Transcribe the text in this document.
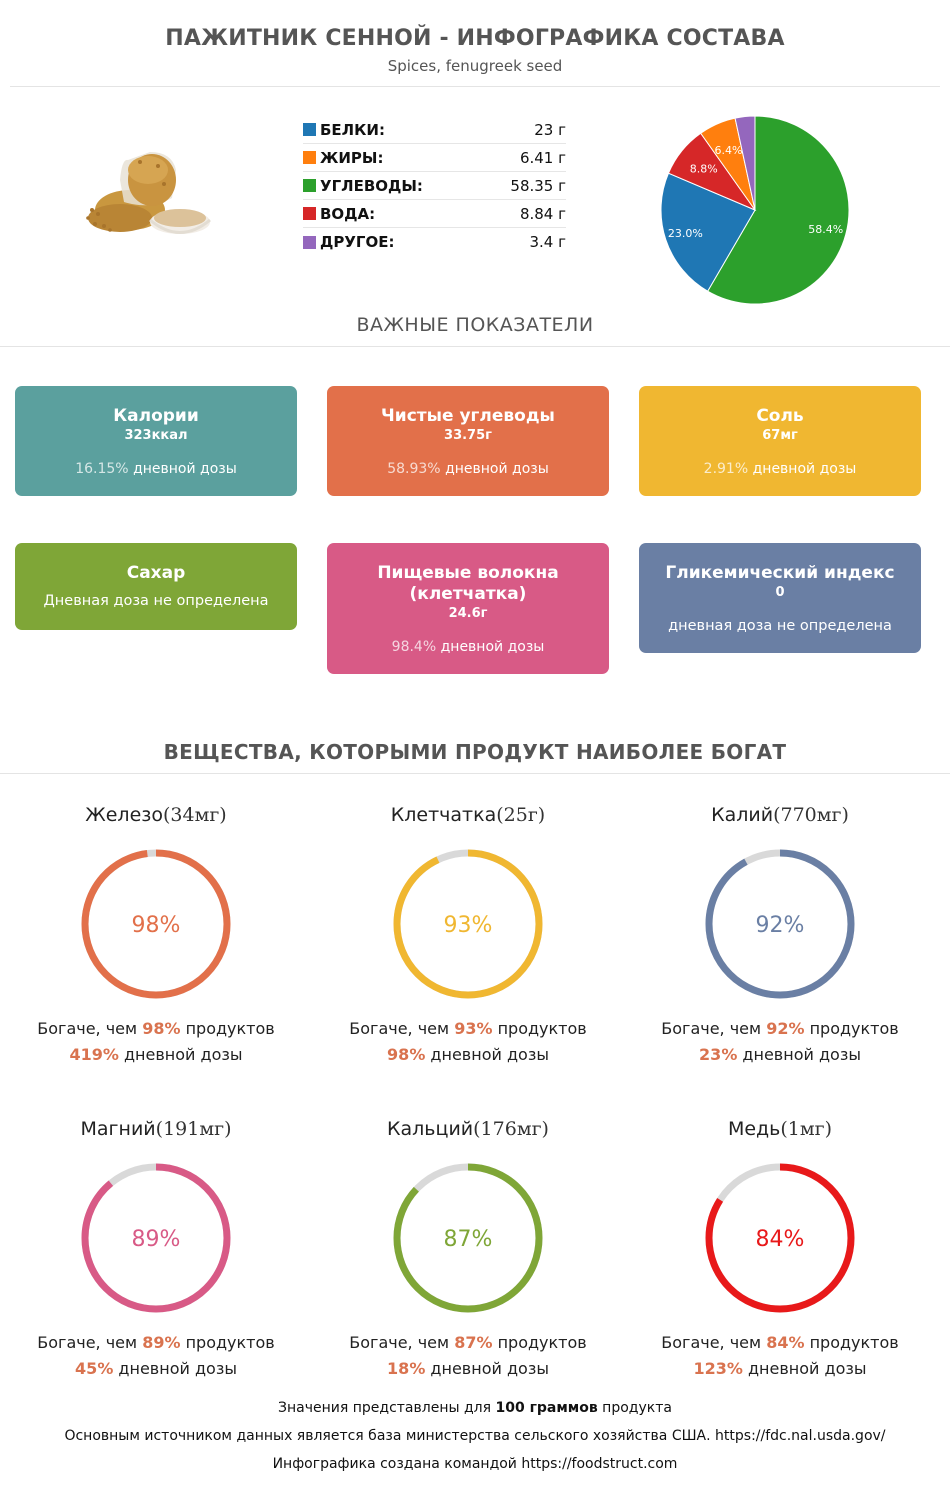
ПАЖИТНИК СЕННОЙ - ИНФОГРАФИКА СОСТАВА
Spices, fenugreek seed
БЕЛКИ:	23 г
ЖИРЫ:	6.41 г
УГЛЕВОДЫ:	58.35 г
ВОДА:	8.84 г
ДРУГОЕ:	3.4 г
58.4%
23.0%
8.8%
6.4%
ВАЖНЫЕ ПОКАЗАТЕЛИ
Калории
323ккал
16.15% дневной дозы
Чистые углеводы
33.75г
58.93% дневной дозы
Соль
67мг
2.91% дневной дозы
Сахар
Дневная доза не определена
Пищевые волокна
(клетчатка)
24.6г
98.4% дневной дозы
Гликемический индекс
0
дневная доза не определена
ВЕЩЕСТВА, КОТОРЫМИ ПРОДУКТ НАИБОЛЕЕ БОГАТ
Железо(34мг)
98%
Богаче, чем 98% продуктов
419% дневной дозы
Клетчатка(25г)
93%
Богаче, чем 93% продуктов
98% дневной дозы
Калий(770мг)
92%
Богаче, чем 92% продуктов
23% дневной дозы
Магний(191мг)
89%
Богаче, чем 89% продуктов
45% дневной дозы
Кальций(176мг)
87%
Богаче, чем 87% продуктов
18% дневной дозы
Медь(1мг)
84%
Богаче, чем 84% продуктов
123% дневной дозы
Значения представлены для 100 граммов продукта
Основным источником данных является база министерства сельского хозяйства США. https://fdc.nal.usda.gov/
Инфографика создана командой https://foodstruct.com
